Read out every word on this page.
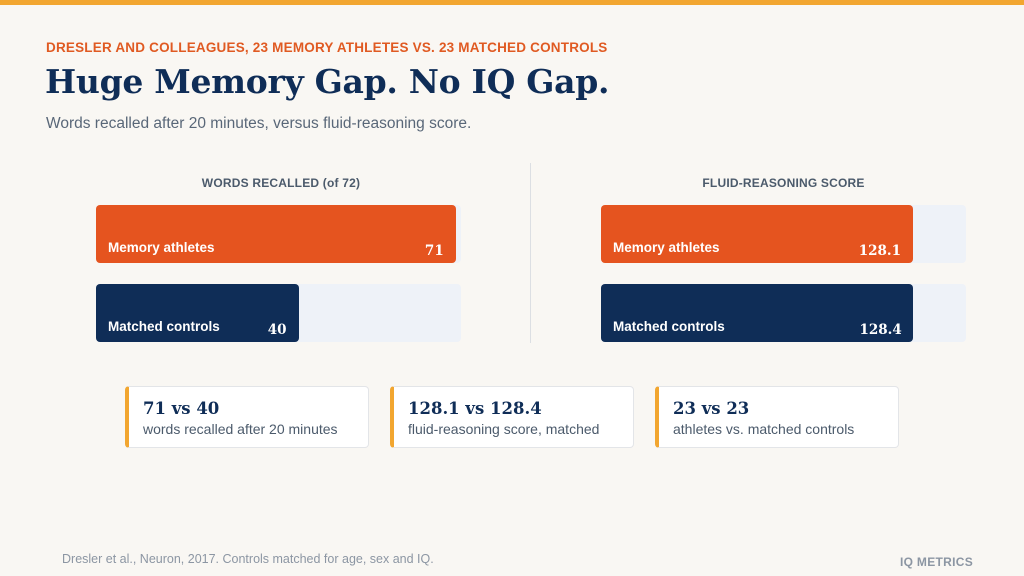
DRESLER AND COLLEAGUES, 23 MEMORY ATHLETES VS. 23 MATCHED CONTROLS
Huge Memory Gap. No IQ Gap.
Words recalled after 20 minutes, versus fluid-reasoning score.
WORDS RECALLED (of 72)	FLUID-REASONING SCORE
Memory athletes	71
Matched controls	40
Memory athletes	128.1
Matched controls	128.4
71 vs 40
words recalled after 20 minutes
128.1 vs 128.4
fluid-reasoning score, matched
23 vs 23
athletes vs. matched controls
Dresler et al., Neuron, 2017. Controls matched for age, sex and IQ.	IQ METRICS
